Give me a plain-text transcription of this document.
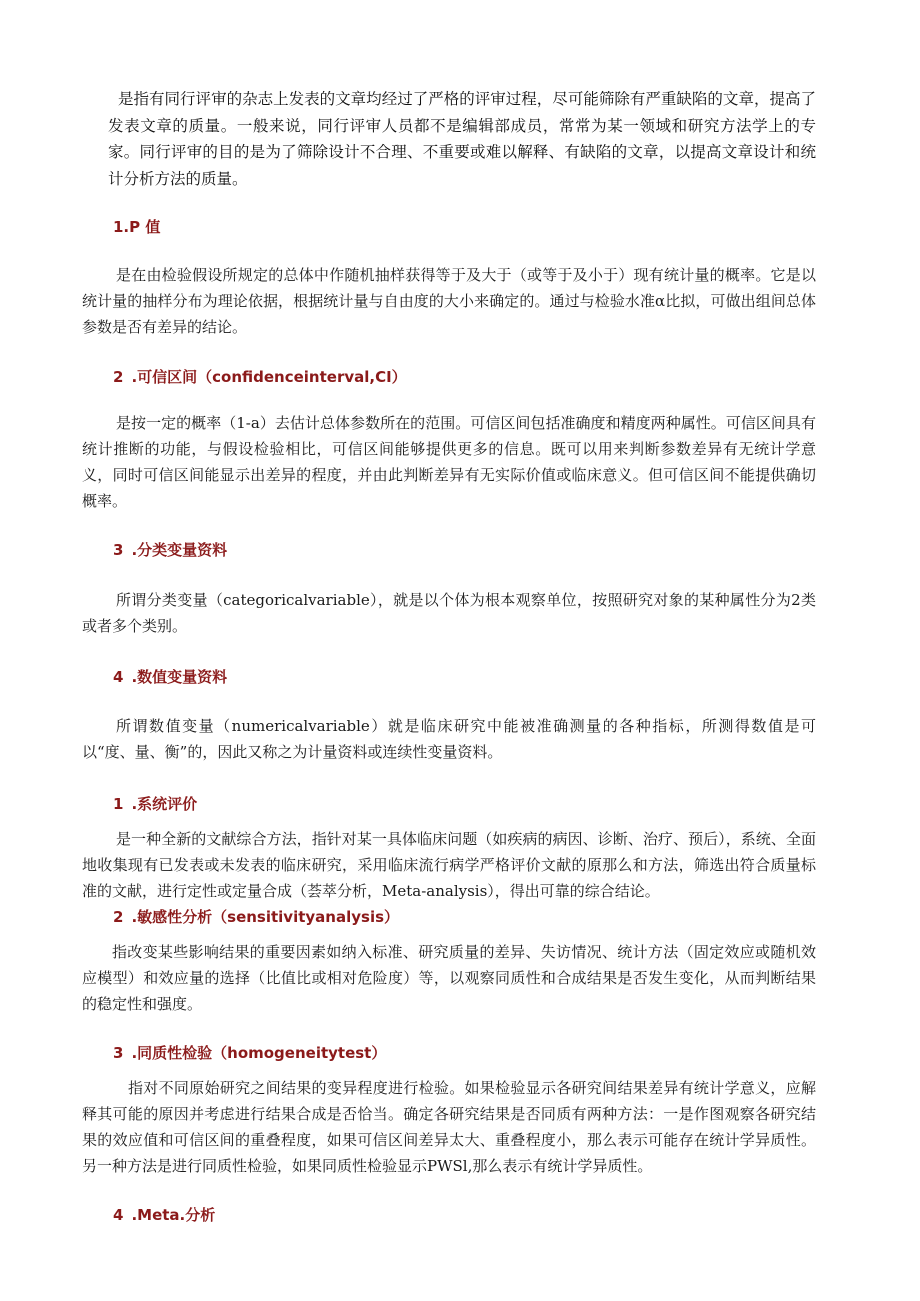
是指有同行评审的杂志上发表的文章均经过了严格的评审过程，尽可能筛除有严重缺陷的文章，提高了发表文章的质量。一般来说，同行评审人员都不是编辑部成员，常常为某一领域和研究方法学上的专家。同行评审的目的是为了筛除设计不合理、不重要或难以解释、有缺陷的文章，以提高文章设计和统计分析方法的质量。

1.P 值

是在由检验假设所规定的总体中作随机抽样获得等于及大于（或等于及小于）现有统计量的概率。它是以统计量的抽样分布为理论依据，根据统计量与自由度的大小来确定的。通过与检验水准α比拟，可做出组间总体参数是否有差异的结论。

2 .可信区间（confidenceinterval,CI）

是按一定的概率（1-a）去估计总体参数所在的范围。可信区间包括准确度和精度两种属性。可信区间具有统计推断的功能，与假设检验相比，可信区间能够提供更多的信息。既可以用来判断参数差异有无统计学意义，同时可信区间能显示出差异的程度，并由此判断差异有无实际价值或临床意义。但可信区间不能提供确切概率。

3 .分类变量资料

所谓分类变量（categoricalvariable），就是以个体为根本观察单位，按照研究对象的某种属性分为2类或者多个类别。

4 .数值变量资料

所谓数值变量（numericalvariable）就是临床研究中能被准确测量的各种指标，所测得数值是可以“度、量、衡”的，因此又称之为计量资料或连续性变量资料。

1 .系统评价

是一种全新的文献综合方法，指针对某一具体临床问题（如疾病的病因、诊断、治疗、预后），系统、全面地收集现有已发表或未发表的临床研究，采用临床流行病学严格评价文献的原那么和方法，筛选出符合质量标准的文献，进行定性或定量合成（荟萃分析，Meta-analysis），得出可靠的综合结论。

2 .敏感性分析（sensitivityanalysis）

指改变某些影响结果的重要因素如纳入标准、研究质量的差异、失访情况、统计方法（固定效应或随机效应模型）和效应量的选择（比值比或相对危险度）等，以观察同质性和合成结果是否发生变化，从而判断结果的稳定性和强度。

3 .同质性检验（homogeneitytest）

指对不同原始研究之间结果的变异程度进行检验。如果检验显示各研究间结果差异有统计学意义，应解释其可能的原因并考虑进行结果合成是否恰当。确定各研究结果是否同质有两种方法：一是作图观察各研究结果的效应值和可信区间的重叠程度，如果可信区间差异太大、重叠程度小，那么表示可能存在统计学异质性。另一种方法是进行同质性检验，如果同质性检验显示PWSl,那么表示有统计学异质性。

4 .Meta.分析
